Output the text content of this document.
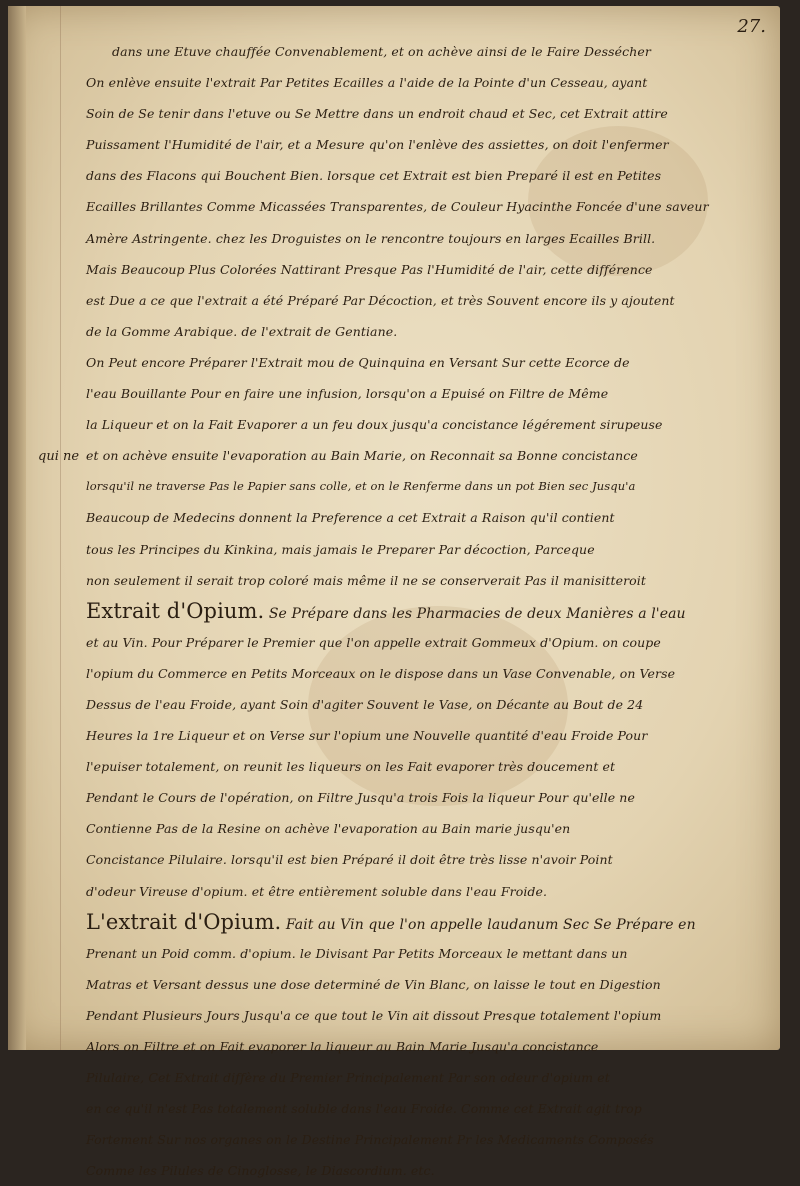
27.
qui ne
dans une Etuve chauffée Convenablement, et on achève ainsi de le Faire Dessécher
On enlève ensuite l'extrait Par Petites Ecailles a l'aide de la Pointe d'un Cesseau, ayant
Soin de Se tenir dans l'etuve ou Se Mettre dans un endroit chaud et Sec, cet Extrait attire
Puissament l'Humidité de l'air, et a Mesure qu'on l'enlève des assiettes, on doit l'enfermer
dans des Flacons qui Bouchent Bien. lorsque cet Extrait est bien Preparé il est en Petites
Ecailles Brillantes Comme Micassées Transparentes, de Couleur Hyacinthe Foncée d'une saveur
Amère Astringente. chez les Droguistes on le rencontre toujours en larges Ecailles Brill.
Mais Beaucoup Plus Colorées Nattirant Presque Pas l'Humidité de l'air, cette différence
est Due a ce que l'extrait a été Préparé Par Décoction, et très Souvent encore ils y ajoutent
de la Gomme Arabique. de l'extrait de Gentiane.
On Peut encore Préparer l'Extrait mou de Quinquina en Versant Sur cette Ecorce de
l'eau Bouillante Pour en faire une infusion, lorsqu'on a Epuisé on Filtre de Même
la Liqueur et on la Fait Evaporer a un feu doux jusqu'a concistance légérement sirupeuse
et on achève ensuite l'evaporation au Bain Marie, on Reconnait sa Bonne concistance
lorsqu'il ne traverse Pas le Papier sans colle, et on le Renferme dans un pot Bien sec Jusqu'a
Beaucoup de Medecins donnent la Preference a cet Extrait a Raison qu'il contient
tous les Principes du Kinkina, mais jamais le Preparer Par décoction, Parceque
non seulement il serait trop coloré mais même il ne se conserverait Pas il manisitteroit
Extrait d'Opium. Se Prépare dans les Pharmacies de deux Manières a l'eau
et au Vin. Pour Préparer le Premier que l'on appelle extrait Gommeux d'Opium. on coupe
l'opium du Commerce en Petits Morceaux on le dispose dans un Vase Convenable, on Verse
Dessus de l'eau Froide, ayant Soin d'agiter Souvent le Vase, on Décante au Bout de 24
Heures la 1re Liqueur et on Verse sur l'opium une Nouvelle quantité d'eau Froide Pour
l'epuiser totalement, on reunit les liqueurs on les Fait evaporer très doucement et
Pendant le Cours de l'opération, on Filtre Jusqu'a trois Fois la liqueur Pour qu'elle ne
Contienne Pas de la Resine on achève l'evaporation au Bain marie jusqu'en
Concistance Pilulaire. lorsqu'il est bien Préparé il doit être très lisse n'avoir Point
d'odeur Vireuse d'opium. et être entièrement soluble dans l'eau Froide.
L'extrait d'Opium. Fait au Vin que l'on appelle laudanum Sec Se Prépare en
Prenant un Poid comm. d'opium. le Divisant Par Petits Morceaux le mettant dans un
Matras et Versant dessus une dose determiné de Vin Blanc, on laisse le tout en Digestion
Pendant Plusieurs Jours Jusqu'a ce que tout le Vin ait dissout Presque totalement l'opium
Alors on Filtre et on Fait evaporer la liqueur au Bain Marie Jusqu'a concistance
Pilulaire, Cet Extrait diffère du Premier Principalement Par son odeur d'opium et
en ce qu'il n'est Pas totalement soluble dans l'eau Froide. Comme cet Extrait agit trop
Fortement Sur nos organes on le Destine Principalement Pr les Medicaments Composés
Comme les Pilules de Cinoglosse, le Diascordium. etc.
